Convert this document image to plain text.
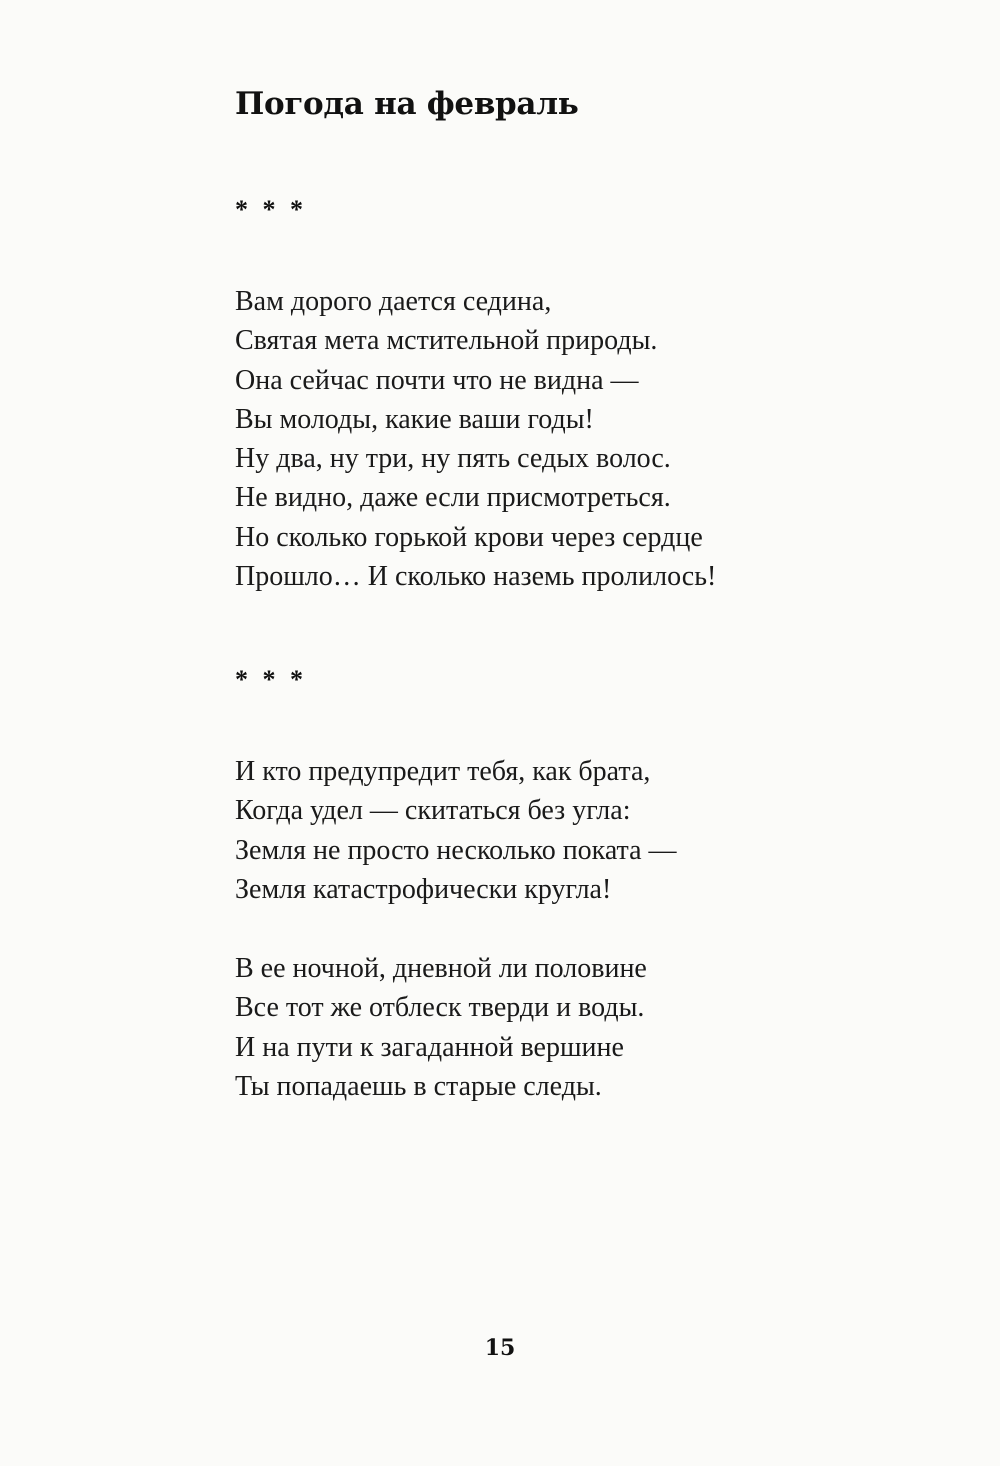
Погода на февраль
* * *
Вам дорого дается седина,
Святая мета мстительной природы.
Она сейчас почти что не видна —
Вы молоды, какие ваши годы!
Ну два, ну три, ну пять седых волос.
Не видно, даже если присмотреться.
Но сколько горькой крови через сердце
Прошло… И сколько наземь пролилось!
* * *
И кто предупредит тебя, как брата,
Когда удел — скитаться без угла:
Земля не просто несколько поката —
Земля катастрофически кругла!
В ее ночной, дневной ли половине
Все тот же отблеск тверди и воды.
И на пути к загаданной вершине
Ты попадаешь в старые следы.
15
